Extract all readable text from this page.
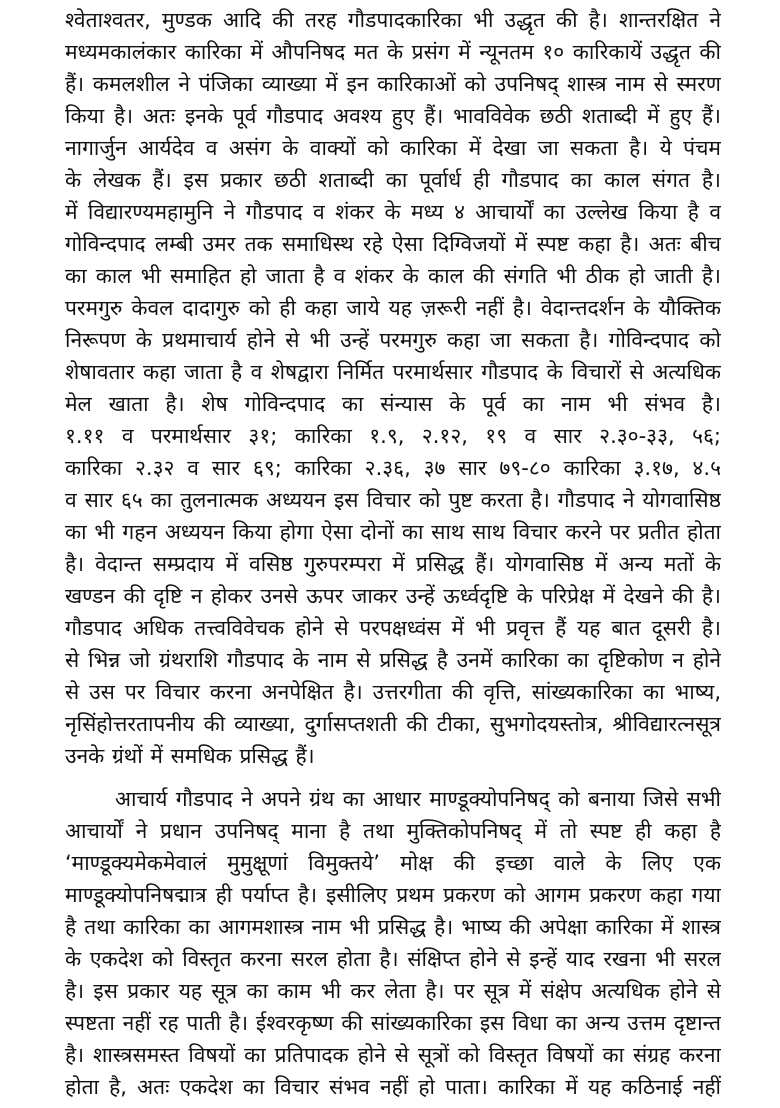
श्वेताश्वतर, मुण्डक आदि की तरह गौडपादकारिका भी उद्धृत की है। शान्तरक्षित ने
मध्यमकालंकार कारिका में औपनिषद मत के प्रसंग में न्यूनतम १० कारिकायें उद्धृत की
हैं। कमलशील ने पंजिका व्याख्या में इन कारिकाओं को उपनिषद् शास्त्र नाम से स्मरण
किया है। अतः इनके पूर्व गौडपाद अवश्य हुए हैं। भावविवेक छठी शताब्दी में हुए हैं।
नागार्जुन आर्यदेव व असंग के वाक्यों को कारिका में देखा जा सकता है। ये पंचम
के लेखक हैं। इस प्रकार छठी शताब्दी का पूर्वार्ध ही गौडपाद का काल संगत है।
में विद्यारण्यमहामुनि ने गौडपाद व शंकर के मध्य ४ आचार्यों का उल्लेख किया है व
गोविन्दपाद लम्बी उमर तक समाधिस्थ रहे ऐसा दिग्विजयों में स्पष्ट कहा है। अतः बीच
का काल भी समाहित हो जाता है व शंकर के काल की संगति भी ठीक हो जाती है।
परमगुरु केवल दादागुरु को ही कहा जाये यह ज़रूरी नहीं है। वेदान्तदर्शन के यौक्तिक
निरूपण के प्रथमाचार्य होने से भी उन्हें परमगुरु कहा जा सकता है। गोविन्दपाद को
शेषावतार कहा जाता है व शेषद्वारा निर्मित परमार्थसार गौडपाद के विचारों से अत्यधिक
मेल खाता है। शेष गोविन्दपाद का संन्यास के पूर्व का नाम भी संभव है।
१.११ व परमार्थसार ३१; कारिका १.९, २.१२, १९ व सार २.३०-३३, ५६;
कारिका २.३२ व सार ६९; कारिका २.३६, ३७ सार ७९-८० कारिका ३.१७, ४.५
व सार ६५ का तुलनात्मक अध्ययन इस विचार को पुष्ट करता है। गौडपाद ने योगवासिष्ठ
का भी गहन अध्ययन किया होगा ऐसा दोनों का साथ साथ विचार करने पर प्रतीत होता
है। वेदान्त सम्प्रदाय में वसिष्ठ गुरुपरम्परा में प्रसिद्ध हैं। योगवासिष्ठ में अन्य मतों के
खण्डन की दृष्टि न होकर उनसे ऊपर जाकर उन्हें ऊर्ध्वदृष्टि के परिप्रेक्ष में देखने की है।
गौडपाद अधिक तत्त्वविवेचक होने से परपक्षध्वंस में भी प्रवृत्त हैं यह बात दूसरी है।
से भिन्न जो ग्रंथराशि गौडपाद के नाम से प्रसिद्ध है उनमें कारिका का दृष्टिकोण न होने
से उस पर विचार करना अनपेक्षित है। उत्तरगीता की वृत्ति, सांख्यकारिका का भाष्य,
नृसिंहोत्तरतापनीय की व्याख्या, दुर्गासप्तशती की टीका, सुभगोदयस्तोत्र, श्रीविद्यारत्नसूत्र
उनके ग्रंथों में समधिक प्रसिद्ध हैं।
आचार्य गौडपाद ने अपने ग्रंथ का आधार माण्डूक्योपनिषद् को बनाया जिसे सभी
आचार्यों ने प्रधान उपनिषद् माना है तथा मुक्तिकोपनिषद् में तो स्पष्ट ही कहा है
‘माण्डूक्यमेकमेवालं मुमुक्षूणां विमुक्तये’ मोक्ष की इच्छा वाले के लिए एक
माण्डूक्योपनिषद्मात्र ही पर्याप्त है। इसीलिए प्रथम प्रकरण को आगम प्रकरण कहा गया
है तथा कारिका का आगमशास्त्र नाम भी प्रसिद्ध है। भाष्य की अपेक्षा कारिका में शास्त्र
के एकदेश को विस्तृत करना सरल होता है। संक्षिप्त होने से इन्हें याद रखना भी सरल
है। इस प्रकार यह सूत्र का काम भी कर लेता है। पर सूत्र में संक्षेप अत्यधिक होने से
स्पष्टता नहीं रह पाती है। ईश्वरकृष्ण की सांख्यकारिका इस विधा का अन्य उत्तम दृष्टान्त
है। शास्त्रसमस्त विषयों का प्रतिपादक होने से सूत्रों को विस्तृत विषयों का संग्रह करना
होता है, अतः एकदेश का विचार संभव नहीं हो पाता। कारिका में यह कठिनाई नहीं
